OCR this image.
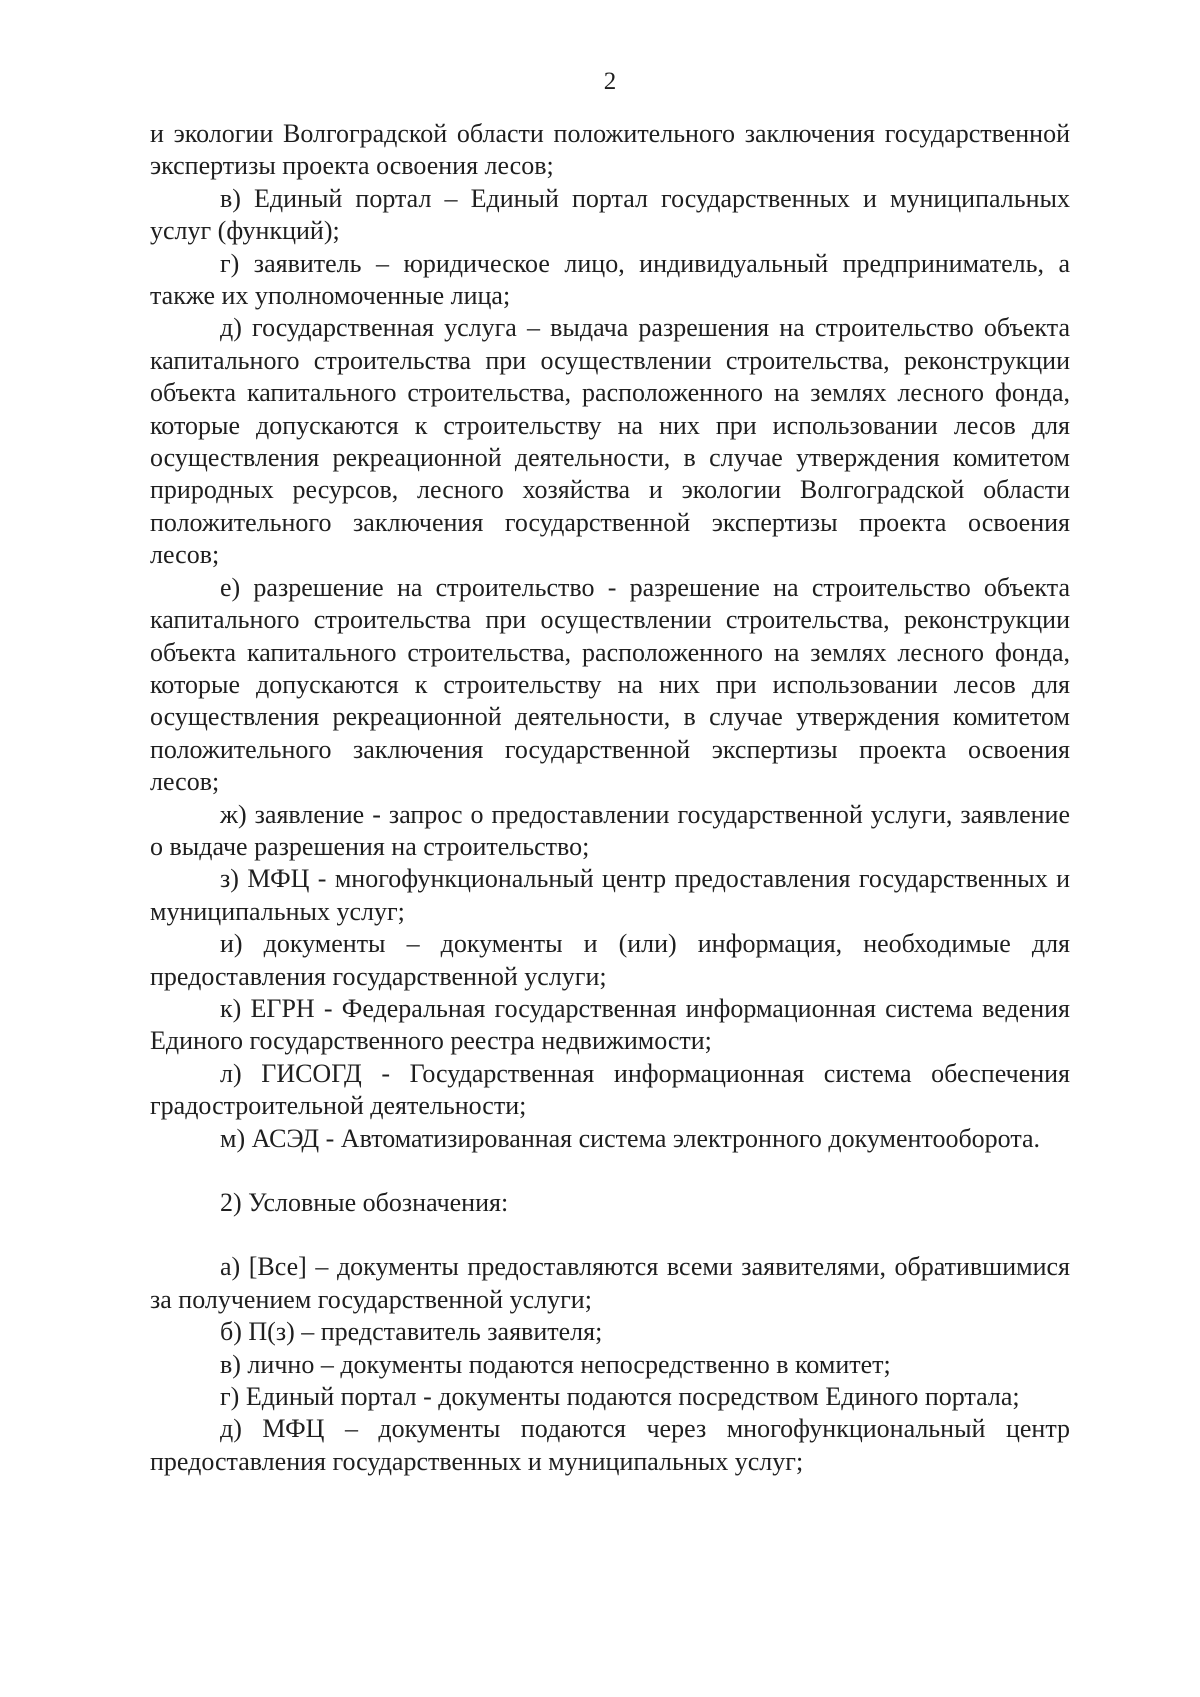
2

и экологии Волгоградской области положительного заключения государственной экспертизы проекта освоения лесов;

в) Единый портал – Единый портал государственных и муниципальных услуг (функций);

г) заявитель – юридическое лицо, индивидуальный предприниматель, а также их уполномоченные лица;

д) государственная услуга – выдача разрешения на строительство объекта капитального строительства при осуществлении строительства, реконструкции объекта капитального строительства, расположенного на землях лесного фонда, которые допускаются к строительству на них при использовании лесов для осуществления рекреационной деятельности, в случае утверждения комитетом природных ресурсов, лесного хозяйства и экологии Волгоградской области положительного заключения государственной экспертизы проекта освоения лесов;

е) разрешение на строительство - разрешение на строительство объекта капитального строительства при осуществлении строительства, реконструкции объекта капитального строительства, расположенного на землях лесного фонда, которые допускаются к строительству на них при использовании лесов для осуществления рекреационной деятельности, в случае утверждения комитетом положительного заключения государственной экспертизы проекта освоения лесов;

ж) заявление - запрос о предоставлении государственной услуги, заявление о выдаче разрешения на строительство;

з) МФЦ - многофункциональный центр предоставления государственных и муниципальных услуг;

и) документы – документы и (или) информация, необходимые для предоставления государственной услуги;

к) ЕГРН - Федеральная государственная информационная система ведения Единого государственного реестра недвижимости;

л) ГИСОГД - Государственная информационная система обеспечения градостроительной деятельности;

м) АСЭД - Автоматизированная система электронного документооборота.

2) Условные обозначения:

а) [Все] – документы предоставляются всеми заявителями, обратившимися за получением государственной услуги;

б) П(з) – представитель заявителя;

в) лично – документы подаются непосредственно в комитет;

г) Единый портал - документы подаются посредством Единого портала;

д) МФЦ – документы подаются через многофункциональный центр предоставления государственных и муниципальных услуг;
